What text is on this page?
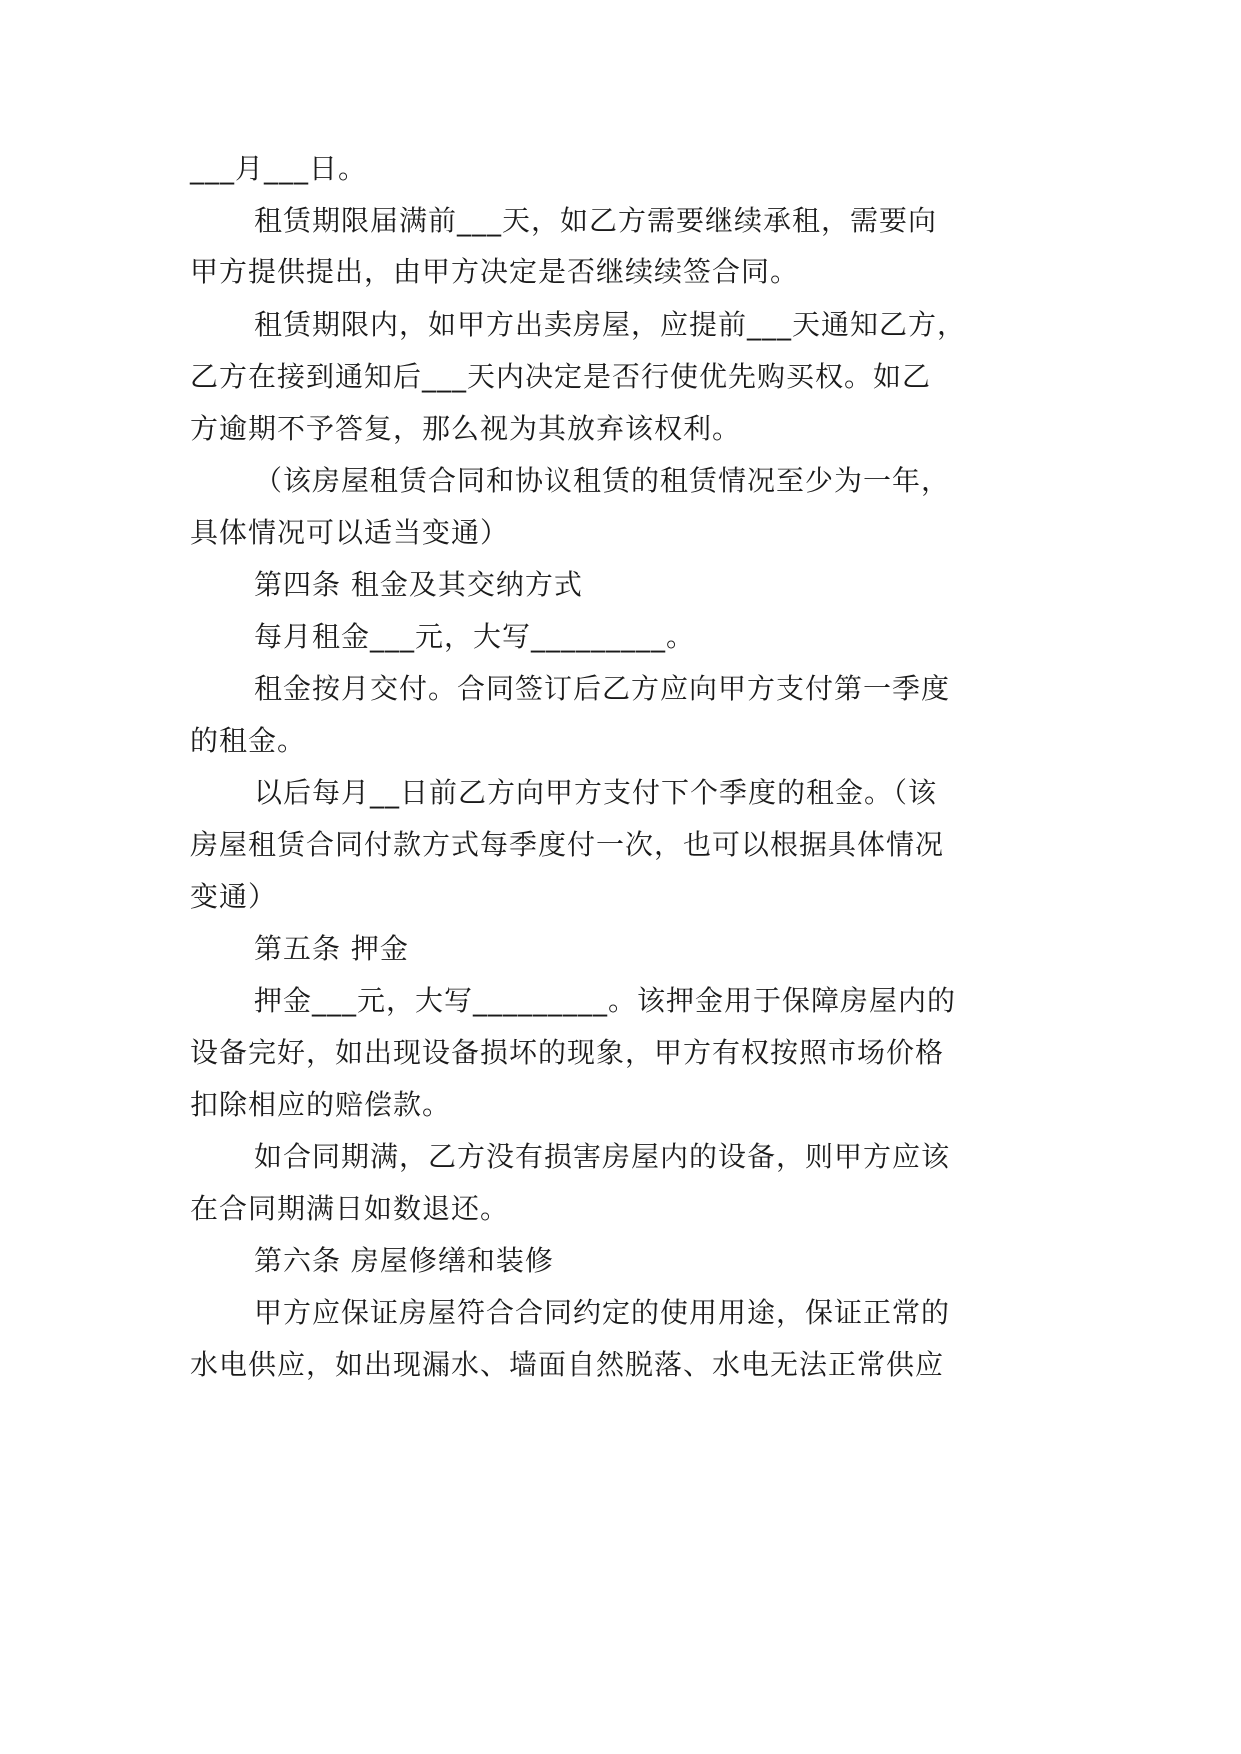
___月___日。
租赁期限届满前___天，如乙方需要继续承租，需要向
甲方提供提出，由甲方决定是否继续续签合同。
租赁期限内，如甲方出卖房屋，应提前___天通知乙方，
乙方在接到通知后___天内决定是否行使优先购买权。如乙
方逾期不予答复，那么视为其放弃该权利。
（该房屋租赁合同和协议租赁的租赁情况至少为一年，
具体情况可以适当变通）
第四条 租金及其交纳方式
每月租金___元，大写_________。
租金按月交付。合同签订后乙方应向甲方支付第一季度
的租金。
以后每月__日前乙方向甲方支付下个季度的租金。（该
房屋租赁合同付款方式每季度付一次，也可以根据具体情况
变通）
第五条 押金
押金___元，大写_________。该押金用于保障房屋内的
设备完好，如出现设备损坏的现象，甲方有权按照市场价格
扣除相应的赔偿款。
如合同期满，乙方没有损害房屋内的设备，则甲方应该
在合同期满日如数退还。
第六条 房屋修缮和装修
甲方应保证房屋符合合同约定的使用用途，保证正常的
水电供应，如出现漏水、墙面自然脱落、水电无法正常供应
